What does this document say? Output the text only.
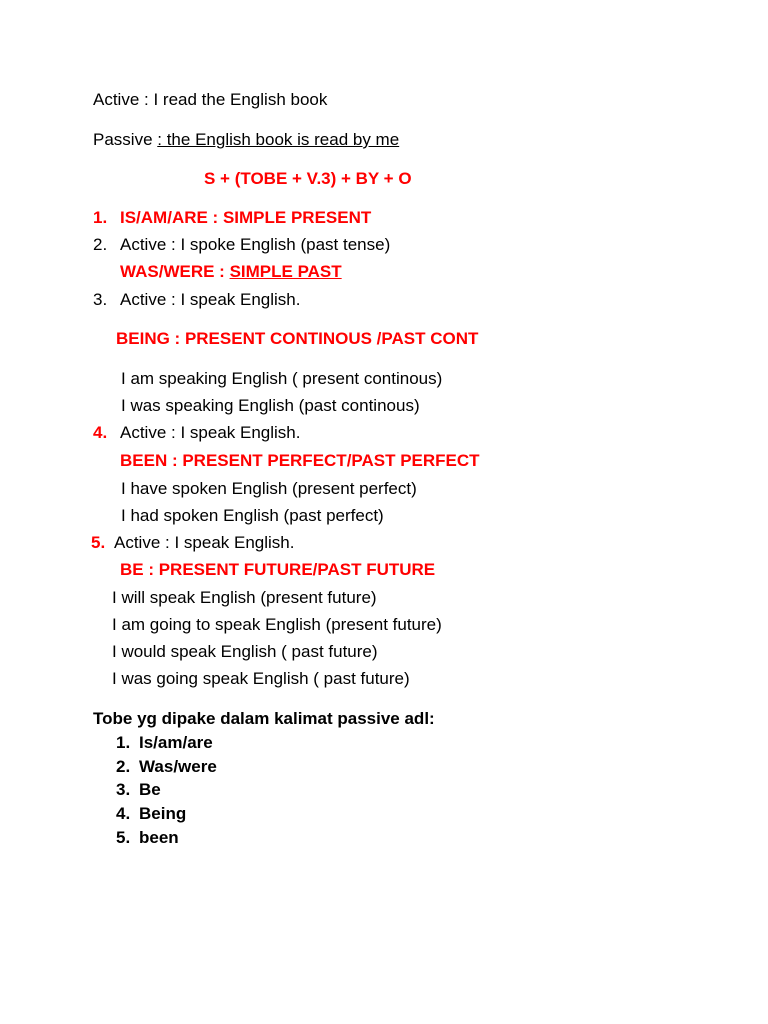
Active : I read the English book
Passive : the English book is read by me
S + (TOBE + V.3) + BY + O
1. IS/AM/ARE : SIMPLE PRESENT
2. Active : I spoke English (past tense)
WAS/WERE : SIMPLE PAST
3. Active : I speak English.
BEING : PRESENT CONTINOUS /PAST CONT
I am speaking English ( present continous)
I was speaking English (past continous)
4. Active : I speak English.
BEEN : PRESENT PERFECT/PAST PERFECT
I have spoken English (present perfect)
I had spoken English (past perfect)
5. Active : I speak English.
BE : PRESENT FUTURE/PAST FUTURE
I will speak English (present future)
I am going to speak English (present future)
I would speak English ( past future)
I was going speak English ( past future)
Tobe yg dipake dalam kalimat passive adl:
1. Is/am/are
2. Was/were
3. Be
4. Being
5. been
